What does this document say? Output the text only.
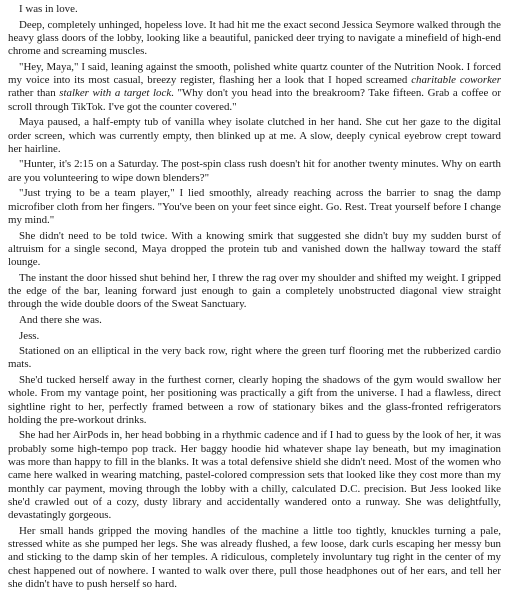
I was in love.

Deep, completely unhinged, hopeless love. It had hit me the exact second Jessica Seymore walked through the heavy glass doors of the lobby, looking like a beautiful, panicked deer trying to navigate a minefield of high-end chrome and screaming muscles.

"Hey, Maya," I said, leaning against the smooth, polished white quartz counter of the Nutrition Nook. I forced my voice into its most casual, breezy register, flashing her a look that I hoped screamed charitable coworker rather than stalker with a target lock. "Why don't you head into the breakroom? Take fifteen. Grab a coffee or scroll through TikTok. I've got the counter covered."

Maya paused, a half-empty tub of vanilla whey isolate clutched in her hand. She cut her gaze to the digital order screen, which was currently empty, then blinked up at me. A slow, deeply cynical eyebrow crept toward her hairline.

"Hunter, it's 2:15 on a Saturday. The post-spin class rush doesn't hit for another twenty minutes. Why on earth are you volunteering to wipe down blenders?"

"Just trying to be a team player," I lied smoothly, already reaching across the barrier to snag the damp microfiber cloth from her fingers. "You've been on your feet since eight. Go. Rest. Treat yourself before I change my mind."

She didn't need to be told twice. With a knowing smirk that suggested she didn't buy my sudden burst of altruism for a single second, Maya dropped the protein tub and vanished down the hallway toward the staff lounge.

The instant the door hissed shut behind her, I threw the rag over my shoulder and shifted my weight. I gripped the edge of the bar, leaning forward just enough to gain a completely unobstructed diagonal view straight through the wide double doors of the Sweat Sanctuary.

And there she was.

Jess.

Stationed on an elliptical in the very back row, right where the green turf flooring met the rubberized cardio mats.

She'd tucked herself away in the furthest corner, clearly hoping the shadows of the gym would swallow her whole. From my vantage point, her positioning was practically a gift from the universe. I had a flawless, direct sightline right to her, perfectly framed between a row of stationary bikes and the glass-fronted refrigerators holding the pre-workout drinks.

She had her AirPods in, her head bobbing in a rhythmic cadence and if I had to guess by the look of her, it was probably some high-tempo pop track. Her baggy hoodie hid whatever shape lay beneath, but my imagination was more than happy to fill in the blanks. It was a total defensive shield she didn't need. Most of the women who came here walked in wearing matching, pastel-colored compression sets that looked like they cost more than my monthly car payment, moving through the lobby with a chilly, calculated D.C. precision. But Jess looked like she'd crawled out of a cozy, dusty library and accidentally wandered onto a runway. She was delightfully, devastatingly gorgeous.

Her small hands gripped the moving handles of the machine a little too tightly, knuckles turning a pale, stressed white as she pumped her legs. She was already flushed, a few loose, dark curls escaping her messy bun and sticking to the damp skin of her temples. A ridiculous, completely involuntary tug right in the center of my chest happened out of nowhere. I wanted to walk over there, pull those headphones out of her ears, and tell her she didn't have to push herself so hard.
